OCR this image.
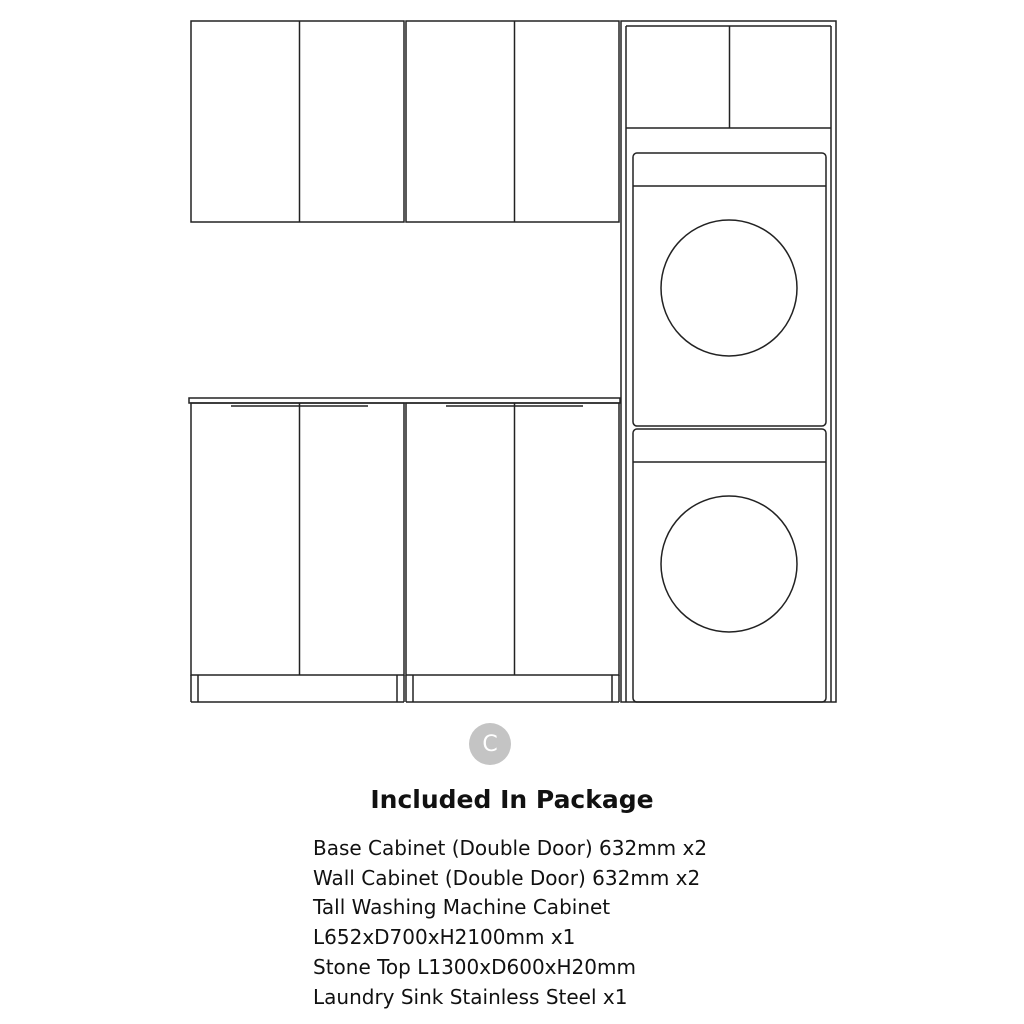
C
Included In Package
Base Cabinet (Double Door) 632mm x2
Wall Cabinet (Double Door) 632mm x2
Tall Washing Machine Cabinet
L652xD700xH2100mm x1
Stone Top L1300xD600xH20mm
Laundry Sink Stainless Steel x1
